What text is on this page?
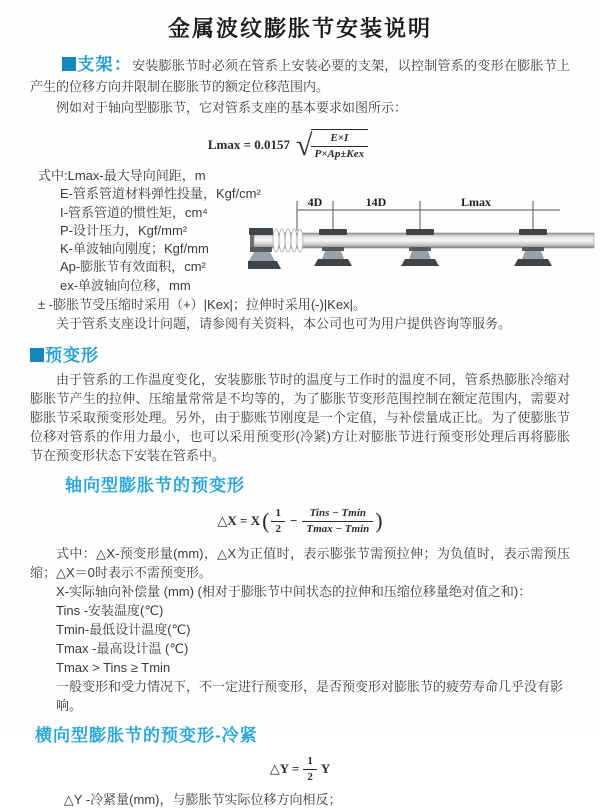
金属波纹膨胀节安装说明

支架：安装膨胀节时必须在管系上安装必要的支架，以控制管系的变形在膨胀节上产生的位移方向并限制在膨胀节的额定位移范围内。

例如对于轴向型膨胀节，它对管系支座的基本要求如图所示：

Lmax = 0.0157 √
$\frac{E\times I}{\text{P×Ap±Kex}}$
式中:Lmax-最大导向间距，m
E-管系管道材料弹性投量，Kgf/cm²
I-管系管道的惯性矩，cm⁴
P-设计压力，Kgf/mm²
K-单波轴向刚度；Kgf/mm
Ap-膨胀节有效面积，cm²
ex-单波轴向位移，mm
4D	14D	Lmax

± -膨胀节受压缩时采用（+）|Kex|；拉伸时采用(-)|Kex|。

关于管系支座设计问题，请参阅有关资料，本公司也可为用户提供咨询等服务。

预变形

由于管系的工作温度变化，安装膨胀节时的温度与工作时的温度不同，管系热膨胀冷缩对膨胀节产生的拉伸、压缩量常常是不均等的，为了膨胀节变形范围控制在额定范围内，需要对膨胀节采取预变形处理。另外，由于膨账节刚度是一个定值，与补偿量成正比。为了使膨胀节位移对管系的作用力最小，也可以采用预变形(冷紧)方让对膨胀节进行预变形处理后再将膨胀节在预变形状态下安装在管系中。

轴向型膨胀节的预变形
△X = X ( $\frac{1}{2} - \frac{\text{Tins − Tmin}}{Tmax - Tmin}$ )

式中：△X-预变形量(mm)，△X为正值时，表示膨张节需预拉伸；为负值时，表示需预压缩；△X＝0时表示不需预变形。

X-实际轴向补偿量 (mm) (相对于膨胀节中间状态的拉伸和压缩位移量绝对值之和)：

Tins -安装温度(℃)

Tmin-最低设计温度(℃)

Tmax -最高设计温 (℃)

Tmax > Tins ≥ Tmin

一般变形和受力情况下，不一定进行预变形，是否预变形对膨胀节的疲劳寿命几乎没有影响。

横向型膨胀节的预变形-冷紧
△Y = $\frac{1}{2}$ Y

△Y -冷紧量(mm)，与膨胀节实际位移方向相反；
